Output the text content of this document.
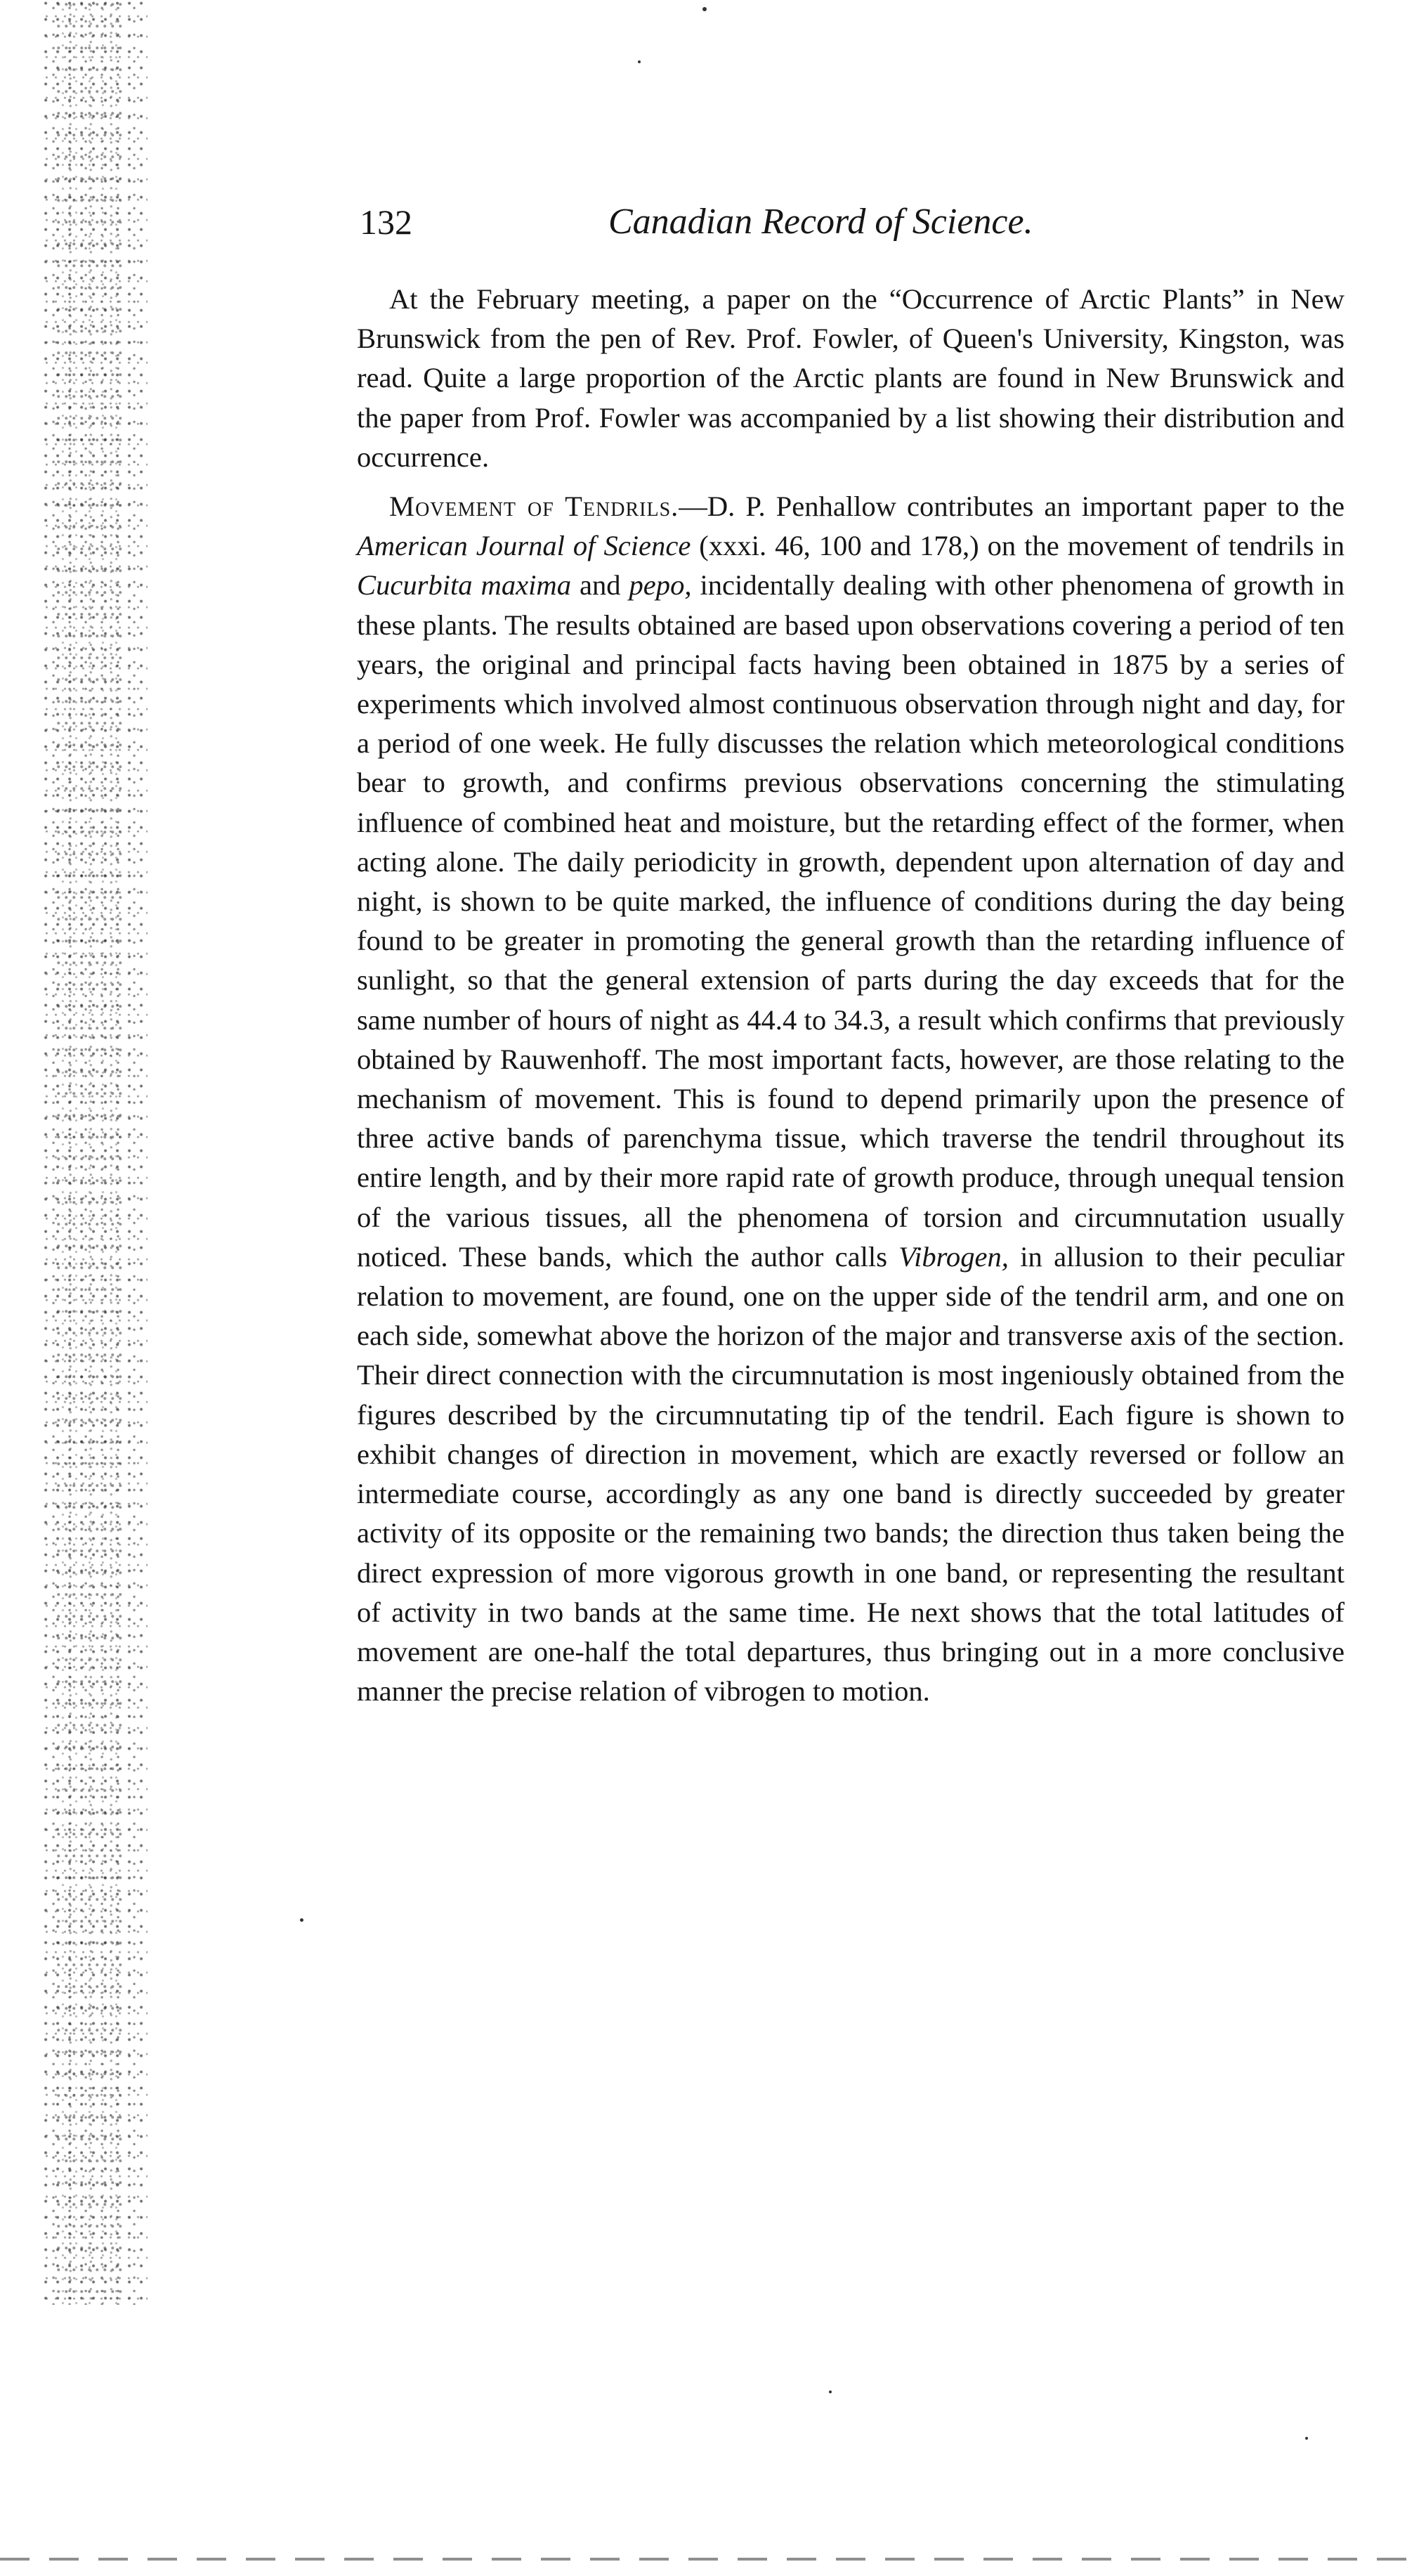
132	Canadian Record of Science.

At the February meeting, a paper on the “Occurrence of Arctic Plants” in New Brunswick from the pen of Rev. Prof. Fowler, of Queen's University, Kingston, was read. Quite a large proportion of the Arctic plants are found in New Brunswick and the paper from Prof. Fowler was accompanied by a list showing their distribution and occurrence.

Movement of Tendrils.—D. P. Penhallow contributes an important paper to the American Journal of Science (xxxi. 46, 100 and 178,) on the movement of tendrils in Cucurbita maxima and pepo, incidentally dealing with other phenomena of growth in these plants. The results obtained are based upon observations covering a period of ten years, the original and principal facts having been obtained in 1875 by a series of experiments which involved almost continuous observation through night and day, for a period of one week. He fully discusses the relation which meteorological conditions bear to growth, and confirms previous observations concerning the stimulating influence of combined heat and moisture, but the retarding effect of the former, when acting alone. The daily periodicity in growth, dependent upon alternation of day and night, is shown to be quite marked, the influence of conditions during the day being found to be greater in promoting the general growth than the retarding influence of sunlight, so that the general extension of parts during the day exceeds that for the same number of hours of night as 44.4 to 34.3, a result which confirms that previously obtained by Rauwenhoff. The most important facts, however, are those relating to the mechanism of movement. This is found to depend primarily upon the presence of three active bands of parenchyma tissue, which traverse the tendril throughout its entire length, and by their more rapid rate of growth produce, through unequal tension of the various tissues, all the phenomena of torsion and circumnutation usually noticed. These bands, which the author calls Vibrogen, in allusion to their peculiar relation to movement, are found, one on the upper side of the tendril arm, and one on each side, somewhat above the horizon of the major and transverse axis of the section. Their direct connection with the circumnutation is most ingeniously obtained from the figures described by the circumnutating tip of the tendril. Each figure is shown to exhibit changes of direction in movement, which are exactly reversed or follow an intermediate course, accordingly as any one band is directly succeeded by greater activity of its opposite or the remaining two bands; the direction thus taken being the direct expression of more vigorous growth in one band, or representing the resultant of activity in two bands at the same time. He next shows that the total latitudes of movement are one-half the total departures, thus bringing out in a more conclusive manner the precise relation of vibrogen to motion.
